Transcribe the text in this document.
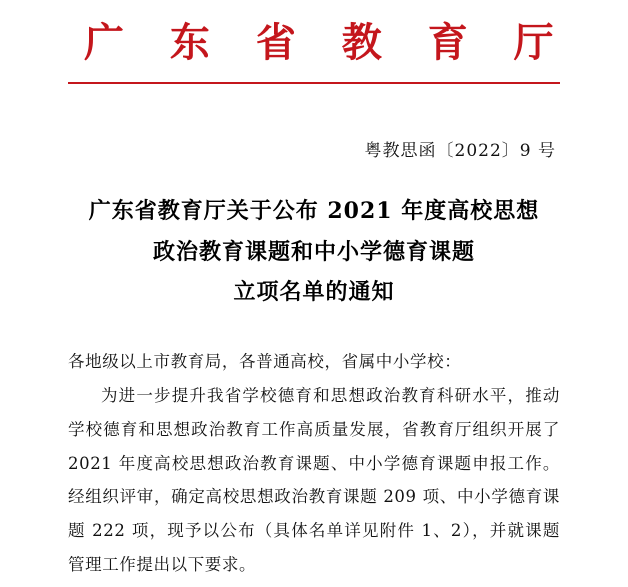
广 东 省 教 育 厅
粤教思函〔2022〕9 号
广东省教育厅关于公布 2021 年度高校思想
政治教育课题和中小学德育课题
立项名单的通知
各地级以上市教育局，各普通高校，省属中小学校：
为进一步提升我省学校德育和思想政治教育科研水平，推动学校德育和思想政治教育工作高质量发展，省教育厅组织开展了 2021 年度高校思想政治教育课题、中小学德育课题申报工作。经组织评审，确定高校思想政治教育课题 209 项、中小学德育课题 222 项，现予以公布（具体名单详见附件 1、2），并就课题管理工作提出以下要求。
